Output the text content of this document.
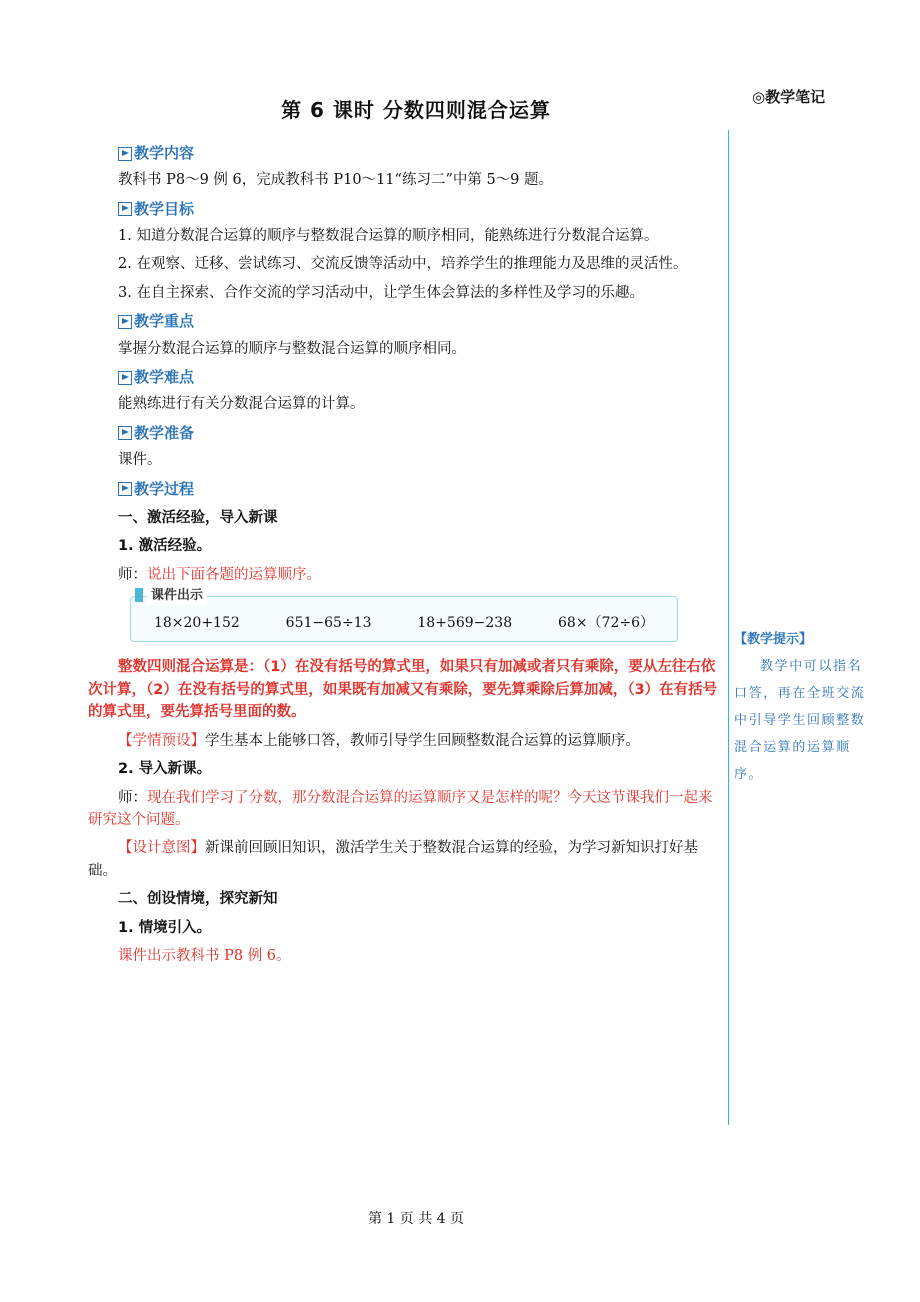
◎教学笔记
第 6 课时 分数四则混合运算
教学内容
教科书 P8～9 例 6，完成教科书 P10～11“练习二”中第 5～9 题。
教学目标
1. 知道分数混合运算的顺序与整数混合运算的顺序相同，能熟练进行分数混合运算。
2. 在观察、迁移、尝试练习、交流反馈等活动中，培养学生的推理能力及思维的灵活性。
3. 在自主探索、合作交流的学习活动中，让学生体会算法的多样性及学习的乐趣。
教学重点
掌握分数混合运算的顺序与整数混合运算的顺序相同。
教学难点
能熟练进行有关分数混合运算的计算。
教学准备
课件。
教学过程
一、激活经验，导入新课
1. 激活经验。
师：说出下面各题的运算顺序。
课件出示
18×20+152	651−65÷13	18+569−238	68×（72÷6）
整数四则混合运算是：（1）在没有括号的算式里，如果只有加减或者只有乘除，要从左往右依次计算，（2）在没有括号的算式里，如果既有加减又有乘除，要先算乘除后算加减，（3）在有括号的算式里，要先算括号里面的数。
【学情预设】学生基本上能够口答，教师引导学生回顾整数混合运算的运算顺序。
2. 导入新课。
师：现在我们学习了分数，那分数混合运算的运算顺序又是怎样的呢？今天这节课我们一起来研究这个问题。
【设计意图】新课前回顾旧知识，激活学生关于整数混合运算的经验，为学习新知识打好基础。
二、创设情境，探究新知
1. 情境引入。
课件出示教科书 P8 例 6。
【教学提示】
教学中可以指名口答，再在全班交流中引导学生回顾整数混合运算的运算顺序。
第 1 页 共 4 页
